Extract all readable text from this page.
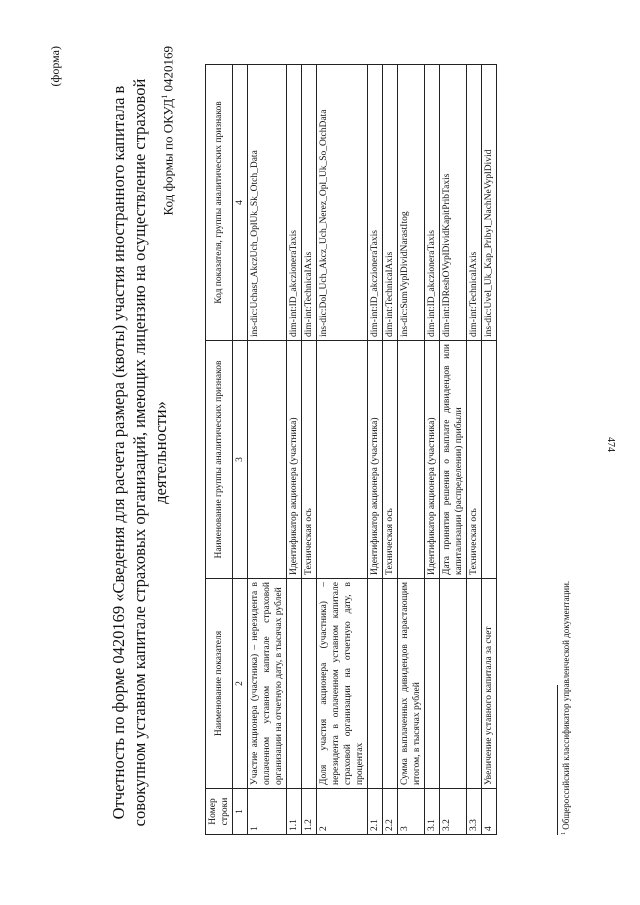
474
(форма)
Отчетность по форме 0420169 «Сведения для расчета размера (квоты) участия иностранного капитала в совокупном уставном капитале страховых организаций, имеющих лицензию на осуществление страховой деятельности»
Код формы по ОКУД$^1$ 0420169
Номер строки	Наименование показателя	Наименование группы аналитических признаков	Код показателя, группы аналитических признаков
1	2	3	4
1	Участие акционера (участника) – нерезидента в оплаченном уставном капитале страховой организации на отчетную дату, в тысячах рублей		ins-dic:Uchast_AkczUch_OplUk_Sk_Otch_Data
1.1		Идентификатор акционера (участника)	dim-int:ID_akczioneraTaxis
1.2		Техническая ось	dim-int:TechnicalAxis
2	Доля участия акционера (участника) – нерезидента в оплаченном уставном капитале страховой организации на отчетную дату, в процентах		ins-dic:Dol_Uch_Akcz_Uch_Nerez_Opl_Uk_So_OtchData
2.1		Идентификатор акционера (участника)	dim-int:ID_akczioneraTaxis
2.2		Техническая ось	dim-int:TechnicalAxis
3	Сумма выплаченных дивидендов нарастающим итогом, в тысячах рублей		ins-dic:SumVyplDividNarastItog
3.1		Идентификатор акционера (участника)	dim-int:ID_akczioneraTaxis
3.2		Дата принятия решения о выплате дивидендов или капитализации (распределении) прибыли	dim-int:IDReshOVyplDividKapitPribTaxis
3.3		Техническая ось	dim-int:TechnicalAxis
4	Увеличение уставного капитала за счет		ins-dic:Uvel_Uk_Kap_Pribyl_NachNeVyplDivid
$^1$ Общероссийский классификатор управленческой документации.
